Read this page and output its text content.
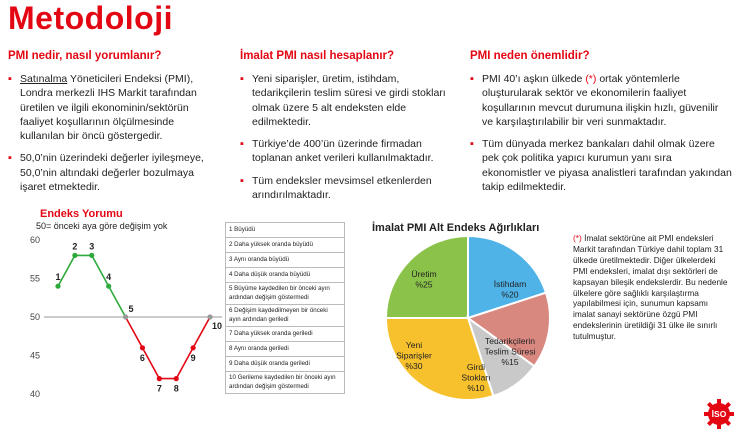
Metodoloji
PMI nedir, nasıl yorumlanır?
▪ Satınalma Yöneticileri Endeksi (PMI), Londra merkezli IHS Markit tarafından üretilen ve ilgili ekonominin/sektörün faaliyet koşullarının ölçülmesinde kullanılan bir öncü göstergedir.
▪ 50,0’nin üzerindeki değerler iyileşmeye, 50,0’nin altındaki değerler bozulmaya işaret etmektedir.
İmalat PMI nasıl hesaplanır?
▪ Yeni siparişler, üretim, istihdam, tedarikçilerin teslim süresi ve girdi stokları olmak üzere 5 alt endeksten elde edilmektedir.
▪ Türkiye’de 400’ün üzerinde firmadan toplanan anket verileri kullanılmaktadır.
▪ Tüm endeksler mevsimsel etkenlerden arındırılmaktadır.
PMI neden önemlidir?
▪ PMI 40’ı aşkın ülkede (*) ortak yöntemlerle oluşturularak sektör ve ekonomilerin faaliyet koşullarının mevcut durumuna ilişkin hızlı, güvenilir ve karşılaştırılabilir bir veri sunmaktadır.
▪ Tüm dünyada merkez bankaları dahil olmak üzere pek çok politika yapıcı kurumun yanı sıra ekonomistler ve piyasa analistleri tarafından yakından takip edilmektedir.
Endeks Yorumu
50= önceki aya göre değişim yok
60
55
50
45
40
1
2 3
4
5
6
7 8
9
10
1 Büyüdü
2 Daha yüksek oranda büyüdü
3 Aynı oranda büyüdü
4 Daha düşük oranda büyüdü
5 Büyüme kaydedilen bir önceki ayın ardından değişim göstermedi
6 Değişim kaydedilmeyen bir önceki ayın ardından geriledi
7 Daha yüksek oranda geriledi
8 Aynı oranda geriledi
9 Daha düşük oranda geriledi
10 Gerileme kaydedilen bir önceki ayın ardından değişim göstermedi
İmalat PMI Alt Endeks Ağırlıkları
Üretim
%25	İstihdam
%20
Tedarikçilerin
Teslim Süresi
%15
Girdi
Stokları
%10
Yeni
Siparişler
%30
(*) İmalat sektörüne ait PMI endeksleri Markit tarafından Türkiye dahil toplam 31 ülkede üretilmektedir. Diğer ülkelerdeki PMI endeksleri, imalat dışı sektörleri de kapsayan bileşik endekslerdir. Bu nedenle ülkelere göre sağlıklı karşılaştırma yapılabilmesi için, sunumun kapsamı imalat sanayi sektörüne özgü PMI endekslerinin üretildiği 31 ülke ile sınırlı tutulmuştur.
İSO
